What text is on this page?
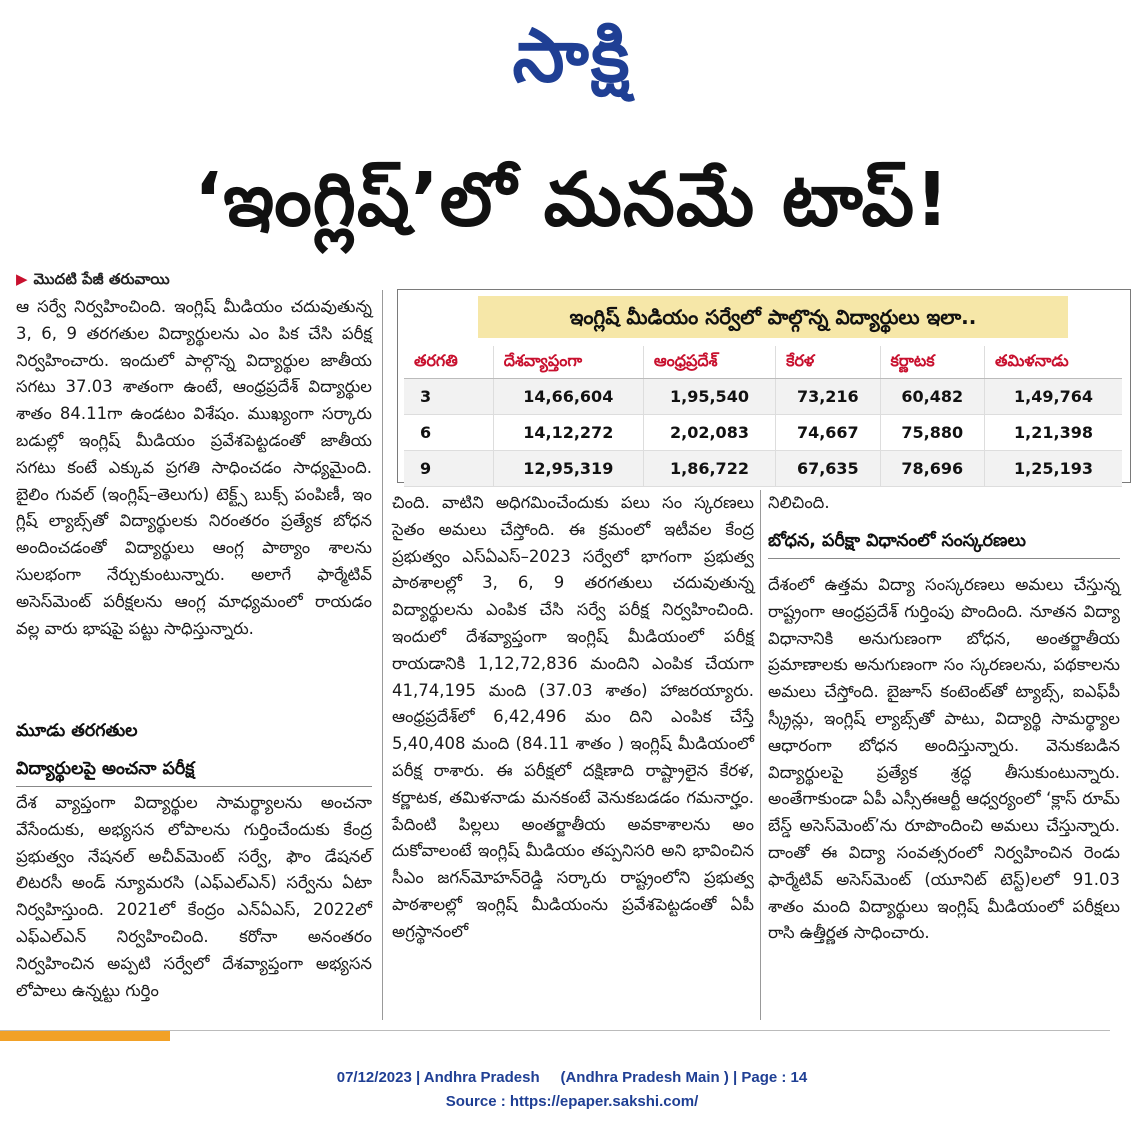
సాక్షి
‘ఇంగ్లిష్’లో మనమే టాప్!
▶ మొదటి పేజీ తరువాయి

ఆ సర్వే నిర్వహించింది. ఇంగ్లిష్ మీడియం చదువుతున్న 3, 6, 9 తరగతుల విద్యార్థులను ఎం పిక చేసి పరీక్ష నిర్వహించారు. ఇందులో పాల్గొన్న విద్యార్థుల జాతీయ సగటు 37.03 శాతంగా ఉంటే, ఆంధ్రప్రదేశ్ విద్యార్థుల శాతం 84.11గా ఉండటం విశేషం. ముఖ్యంగా సర్కారు బడుల్లో ఇంగ్లిష్ మీడియం ప్రవేశపెట్టడంతో జాతీయ సగటు కంటే ఎక్కువ ప్రగతి సాధించడం సాధ్యమైంది. బైలిం గువల్ (ఇంగ్లిష్–తెలుగు) టెక్ట్స్ బుక్స్ పంపిణీ, ఇం గ్లిష్ ల్యాబ్స్‌తో విద్యార్థులకు నిరంతరం ప్రత్యేక బోధన అందించడంతో విద్యార్థులు ఆంగ్ల పాఠ్యాం శాలను సులభంగా నేర్చుకుంటున్నారు. అలాగే ఫార్మేటివ్ అసెస్‌మెంట్ పరీక్షలను ఆంగ్ల మాధ్యమంలో రాయడం వల్ల వారు భాషపై పట్టు సాధిస్తున్నారు.

మూడు తరగతుల
విద్యార్థులపై అంచనా పరీక్ష

దేశ వ్యాప్తంగా విద్యార్థుల సామర్థ్యాలను అంచనా వేసేందుకు, అభ్యసన లోపాలను గుర్తించేందుకు కేంద్ర ప్రభుత్వం నేషనల్ అచీవ్‌మెంట్ సర్వే, ఫౌం డేషనల్ లిటరసీ అండ్ న్యూమరసి (ఎఫ్ఎల్ఎన్) సర్వేను ఏటా నిర్వహిస్తుంది. 2021లో కేంద్రం ఎన్ఏఎస్, 2022లో ఎఫ్ఎల్ఎన్ నిర్వహించింది. కరోనా అనంతరం నిర్వహించిన అప్పటి సర్వేలో దేశవ్యాప్తంగా అభ్యసన లోపాలు ఉన్నట్టు గుర్తిం

ఇంగ్లిష్ మీడియం సర్వేలో పాల్గొన్న విద్యార్థులు ఇలా..
తరగతి	దేశవ్యాప్తంగా	ఆంధ్రప్రదేశ్	కేరళ	కర్ణాటక	తమిళనాడు
3	14,66,604	1,95,540	73,216	60,482	1,49,764
6	14,12,272	2,02,083	74,667	75,880	1,21,398
9	12,95,319	1,86,722	67,635	78,696	1,25,193

చింది. వాటిని అధిగమించేందుకు పలు సం స్కరణలు సైతం అమలు చేస్తోంది. ఈ క్రమంలో ఇటీవల కేంద్ర ప్రభుత్వం ఎస్ఏఎస్–2023 సర్వేలో భాగంగా ప్రభుత్వ పాఠశాలల్లో 3, 6, 9 తరగతులు చదువుతున్న విద్యార్థులను ఎంపిక చేసి సర్వే పరీక్ష నిర్వహించింది. ఇందులో దేశవ్యాప్తంగా ఇంగ్లిష్ మీడియంలో పరీక్ష రాయడానికి 1,12,72,836 మందిని ఎంపిక చేయగా 41,74,195 మంది (37.03 శాతం) హాజరయ్యారు. ఆంధ్రప్రదేశ్‌లో 6,42,496 మం దిని ఎంపిక చేస్తే 5,40,408 మంది (84.11 శాతం ) ఇంగ్లిష్ మీడియంలో పరీక్ష రాశారు. ఈ పరీక్షలో దక్షిణాది రాష్ట్రాలైన కేరళ, కర్ణాటక, తమిళనాడు మనకంటే వెనుకబడడం గమనార్హం. పేదింటి పిల్లలు అంతర్జాతీయ అవకాశాలను అం దుకోవాలంటే ఇంగ్లిష్ మీడియం తప్పనిసరి అని భావించిన సీఎం జగన్‌మోహన్‌రెడ్డి సర్కారు రాష్ట్రంలోని ప్రభుత్వ పాఠశాలల్లో ఇంగ్లిష్ మీడియంను ప్రవేశపెట్టడంతో ఏపీ అగ్రస్థానంలో

నిలిచింది.

బోధన, పరీక్షా విధానంలో సంస్కరణలు

దేశంలో ఉత్తమ విద్యా సంస్కరణలు అమలు చేస్తున్న రాష్ట్రంగా ఆంధ్రప్రదేశ్ గుర్తింపు పొందింది. నూతన విద్యా విధానానికి అనుగుణంగా బోధన, అంతర్జాతీయ ప్రమాణాలకు అనుగుణంగా సం స్కరణలను, పథకాలను అమలు చేస్తోంది. బైజూస్ కంటెంట్‌తో ట్యాబ్స్, ఐఎఫ్‌పీ స్క్రీన్లు, ఇంగ్లిష్ ల్యాబ్స్‌తో పాటు, విద్యార్థి సామర్థ్యాల ఆధారంగా బోధన అందిస్తున్నారు. వెనుకబడిన విద్యార్థులపై ప్రత్యేక శ్రద్ధ తీసుకుంటున్నారు. అంతేగాకుండా ఏపీ ఎస్సీఈఆర్టీ ఆధ్వర్యంలో ‘క్లాస్ రూమ్ బేస్డ్ అసెస్‌మెంట్’ను రూపొందించి అమలు చేస్తున్నారు. దాంతో ఈ విద్యా సంవత్సరంలో నిర్వహించిన రెండు ఫార్మేటివ్ అసెస్‌మెంట్ (యూనిట్ టెస్ట్)లలో 91.03 శాతం మంది విద్యార్థులు ఇంగ్లిష్ మీడియంలో పరీక్షలు రాసి ఉత్తీర్ణత సాధించారు.

07/12/2023 | Andhra Pradesh     (Andhra Pradesh Main ) | Page : 14
Source : https://epaper.sakshi.com/
